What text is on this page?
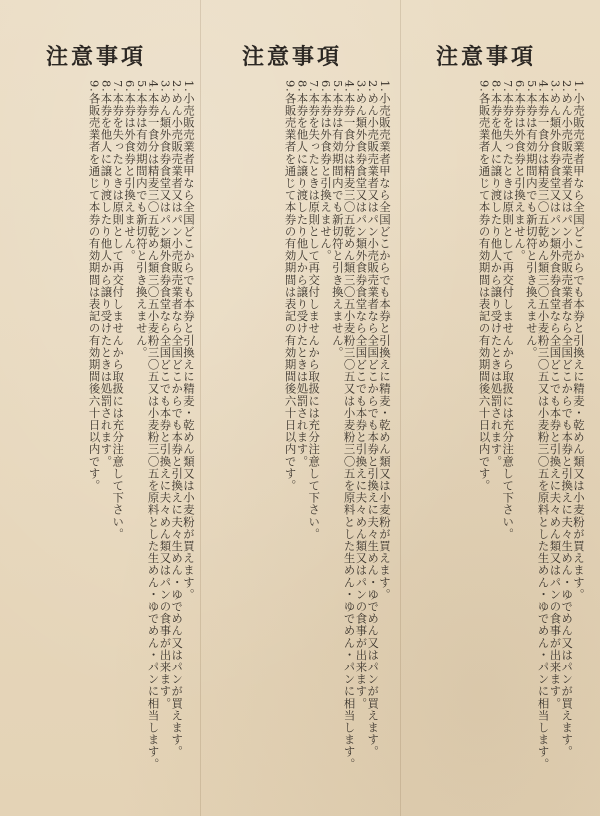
注意事項
1.小売販売業者甲なら全国どこからでも本券と引換えに精麦・乾めん類又は小麦粉が買えます。
2.めん小売販売業者又はパン小売販売業者なら全国どこからでも本券と引換えに夫々生めん・ゆでめん又はパンが買えます。
3.めん類外食券食堂又はパン類外食券食堂なら全国どこでも本券と引換えに夫々めん類又はパンの食事が出来ます。
4.本券一食分は精麦三〇五乾めん類三〇五小麦粉三〇五又は小麦粉三〇五を原料とした生めん・ゆでめん・パンに相当します。
5.本券は有効期間内でも新切符と引き換えません。
6.本券は外食券と引換えません。
7.本券を失ったときは原則として再交付しませんから取扱には充分注意して下さい。
8.本券を他人に譲り渡したり他人から譲り受けたときは処罰されます。
9.各販売業者を通じて本券の有効期間は表記の有効期間後六十日以内です。
注意事項
1.小売販売業者甲なら全国どこからでも本券と引換えに精麦・乾めん類又は小麦粉が買えます。
2.めん小売販売業者又はパン小売販売業者なら全国どこからでも本券と引換えに夫々生めん・ゆでめん又はパンが買えます。
3.めん類外食券食堂又はパン類外食券食堂なら全国どこでも本券と引換えに夫々めん類又はパンの食事が出来ます。
4.本券一食分は精麦三〇五乾めん類三〇五小麦粉三〇五又は小麦粉三〇五を原料とした生めん・ゆでめん・パンに相当します。
5.本券は有効期間内でも新切符と引き換えません。
6.本券は外食券と引換えません。
7.本券を失ったときは原則として再交付しませんから取扱には充分注意して下さい。
8.本券を他人に譲り渡したり他人から譲り受けたときは処罰されます。
9.各販売業者を通じて本券の有効期間は表記の有効期間後六十日以内です。
注意事項
1.小売販売業者甲なら全国どこからでも本券と引換えに精麦・乾めん類又は小麦粉が買えます。
2.めん小売販売業者又はパン小売販売業者なら全国どこからでも本券と引換えに夫々生めん・ゆでめん又はパンが買えます。
3.めん類外食券食堂又はパン類外食券食堂なら全国どこでも本券と引換えに夫々めん類又はパンの食事が出来ます。
4.本券一食分は精麦三〇五乾めん類三〇五小麦粉三〇五又は小麦粉三〇五を原料とした生めん・ゆでめん・パンに相当します。
5.本券は有効期間内でも新切符と引き換えません。
6.本券は外食券と引換えません。
7.本券を失ったときは原則として再交付しませんから取扱には充分注意して下さい。
8.本券を他人に譲り渡したり他人から譲り受けたときは処罰されます。
9.各販売業者を通じて本券の有効期間は表記の有効期間後六十日以内です。
